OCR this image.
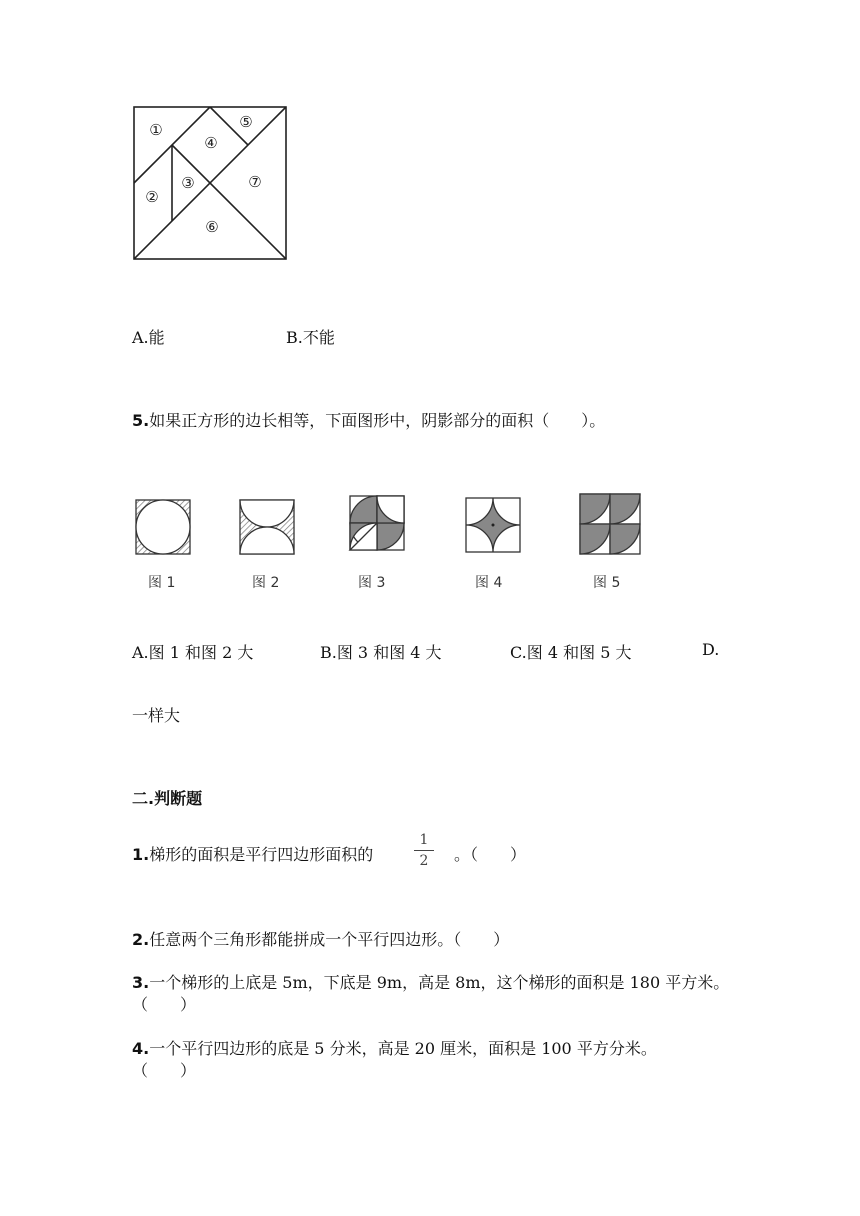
①
④
⑤
②
③	⑦
⑥
A.能	B.不能
5.如果正方形的边长相等，下面图形中，阴影部分的面积（　　）。
图 1	图 2	图 3	图 4	图 5
A.图 1 和图 2 大	B.图 3 和图 4 大	C.图 4 和图 5 大	D.
一样大
二.判断题
1.梯形的面积是平行四边形面积的
1
2	。（　　）
2.任意两个三角形都能拼成一个平行四边形。（　　）
3.一个梯形的上底是 5m，下底是 9m，高是 8m，这个梯形的面积是 180 平方米。
（　　）
4.一个平行四边形的底是 5 分米，高是 20 厘米，面积是 100 平方分米。
（　　）
